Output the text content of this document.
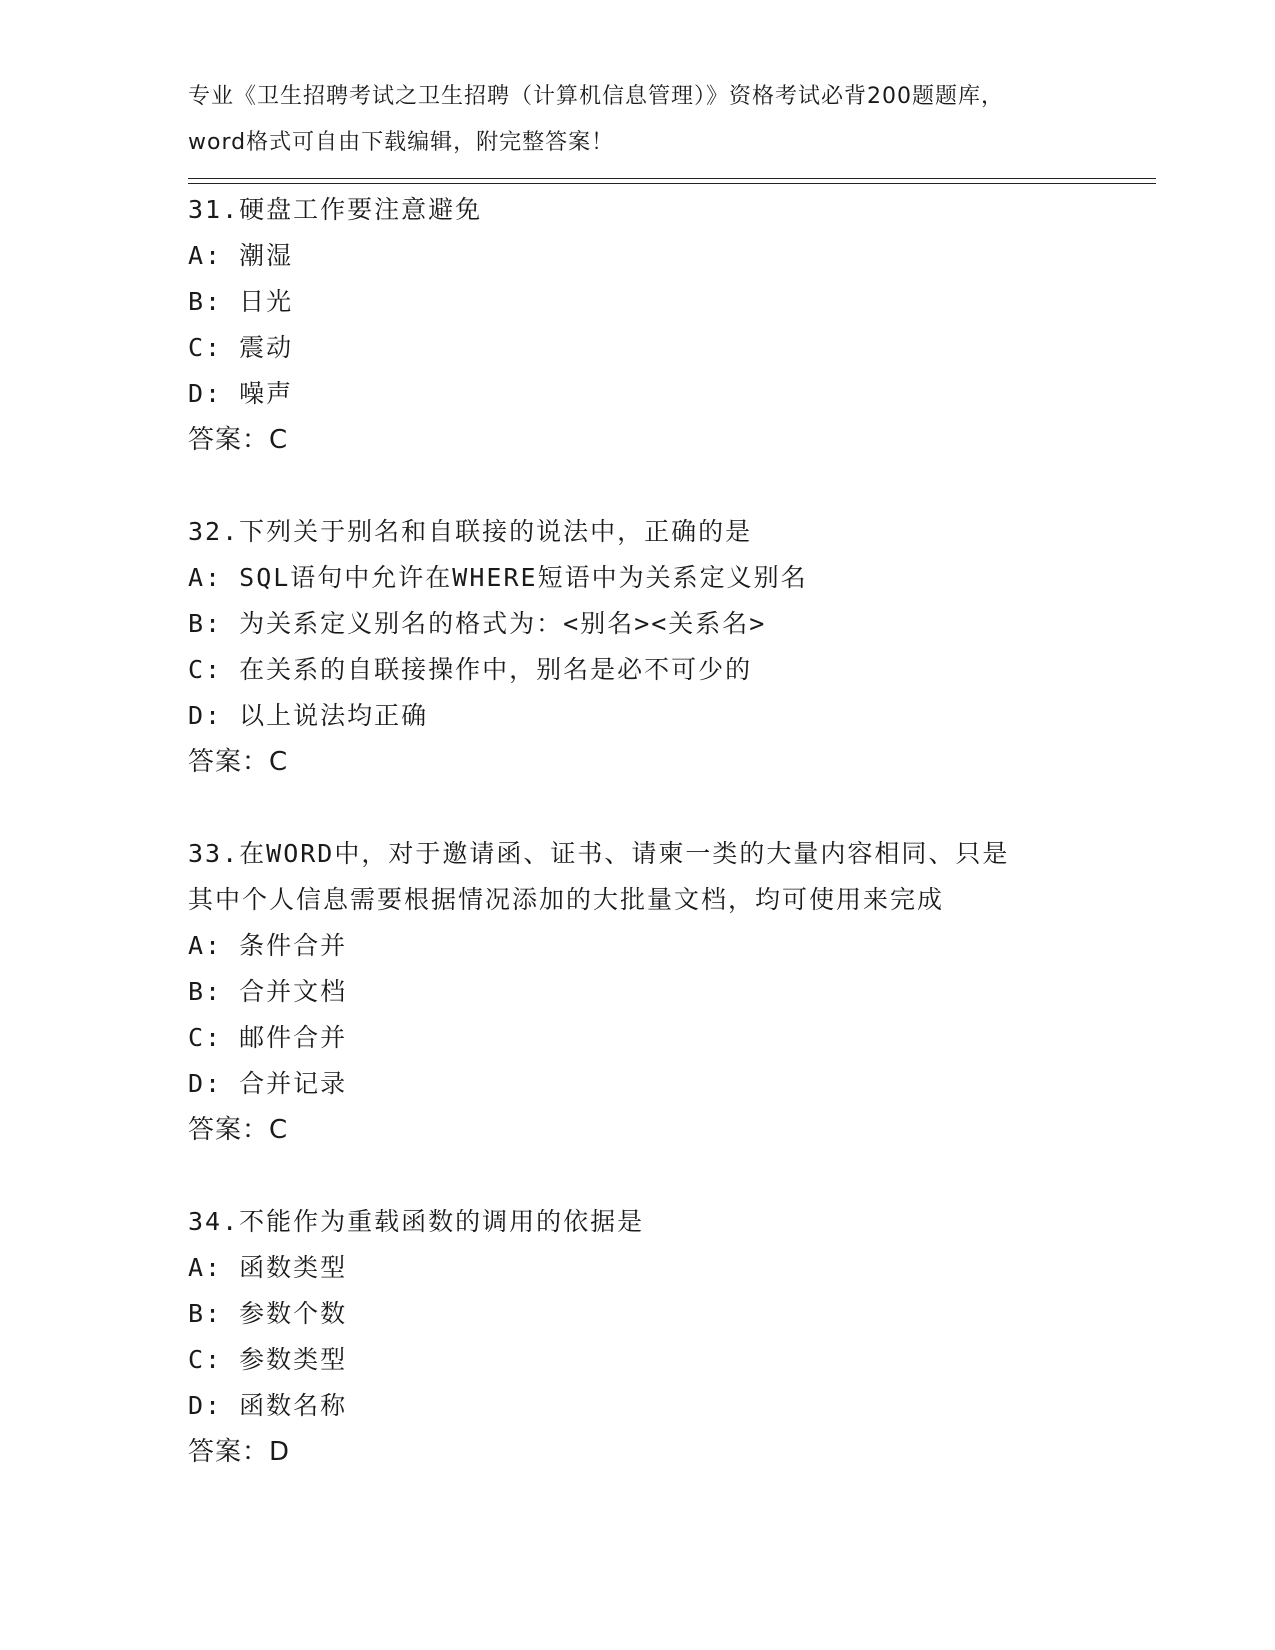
专业《卫生招聘考试之卫生招聘（计算机信息管理）》资格考试必背200题题库，
word格式可自由下载编辑，附完整答案！
31.硬盘工作要注意避免
A: 潮湿
B: 日光
C: 震动
D: 噪声
答案：C
32.下列关于别名和自联接的说法中，正确的是
A: SQL语句中允许在WHERE短语中为关系定义别名
B: 为关系定义别名的格式为：<别名><关系名>
C: 在关系的自联接操作中，别名是必不可少的
D: 以上说法均正确
答案：C
33.在WORD中，对于邀请函、证书、请柬一类的大量内容相同、只是
其中个人信息需要根据情况添加的大批量文档，均可使用来完成
A: 条件合并
B: 合并文档
C: 邮件合并
D: 合并记录
答案：C
34.不能作为重载函数的调用的依据是
A: 函数类型
B: 参数个数
C: 参数类型
D: 函数名称
答案：D
